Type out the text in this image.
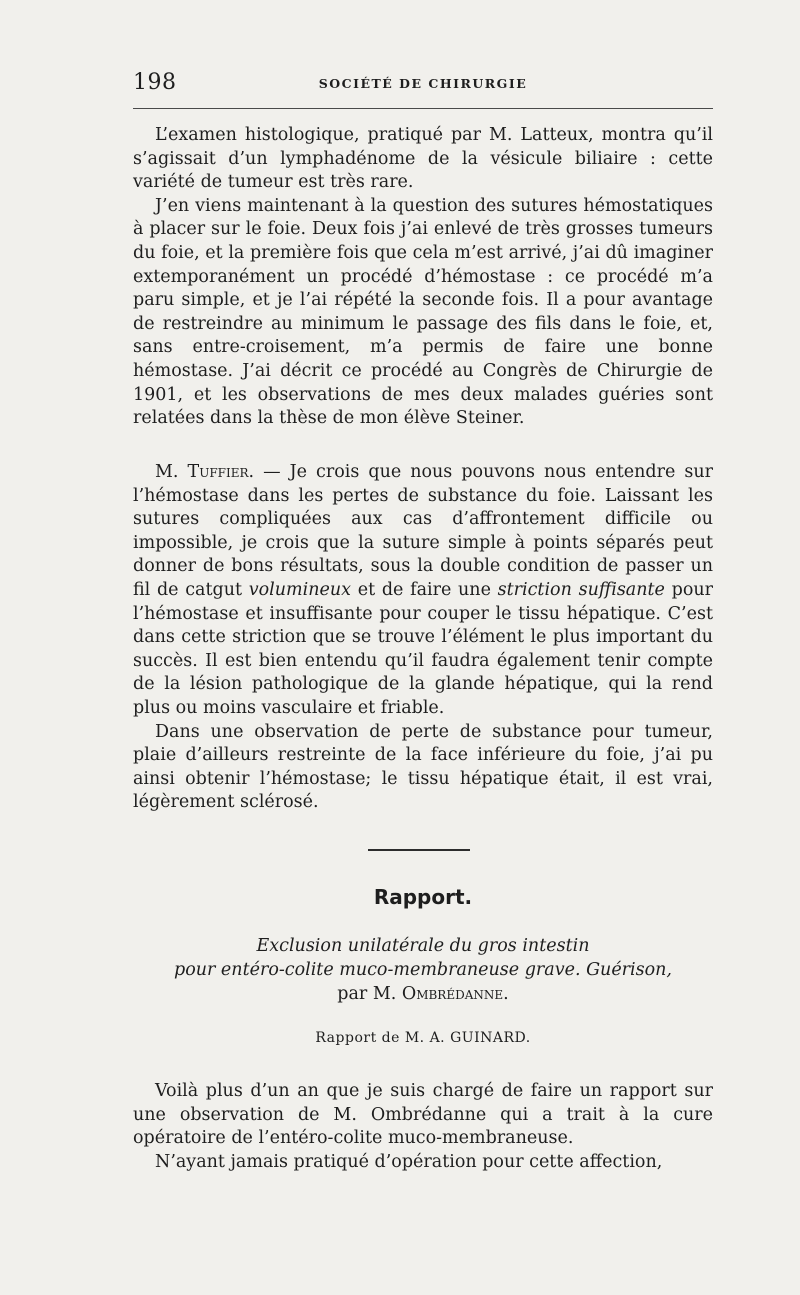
198	SOCIÉTÉ DE CHIRURGIE

L’examen histologique, pratiqué par M. Latteux, montra qu’il s’agissait d’un lymphadénome de la vésicule biliaire : cette variété de tumeur est très rare.

J’en viens maintenant à la question des sutures hémostatiques à placer sur le foie. Deux fois j’ai enlevé de très grosses tumeurs du foie, et la première fois que cela m’est arrivé, j’ai dû imaginer extemporanément un procédé d’hémostase : ce procédé m’a paru simple, et je l’ai répété la seconde fois. Il a pour avantage de restreindre au minimum le passage des fils dans le foie, et, sans entre-croisement, m’a permis de faire une bonne hémostase. J’ai décrit ce procédé au Congrès de Chirurgie de 1901, et les observations de mes deux malades guéries sont relatées dans la thèse de mon élève Steiner.

M. Tuffier. — Je crois que nous pouvons nous entendre sur l’hémostase dans les pertes de substance du foie. Laissant les sutures compliquées aux cas d’affrontement difficile ou impossible, je crois que la suture simple à points séparés peut donner de bons résultats, sous la double condition de passer un fil de catgut volumineux et de faire une striction suffisante pour l’hémostase et insuffisante pour couper le tissu hépatique. C’est dans cette striction que se trouve l’élément le plus important du succès. Il est bien entendu qu’il faudra également tenir compte de la lésion pathologique de la glande hépatique, qui la rend plus ou moins vasculaire et friable.

Dans une observation de perte de substance pour tumeur, plaie d’ailleurs restreinte de la face inférieure du foie, j’ai pu ainsi obtenir l’hémostase; le tissu hépatique était, il est vrai, légèrement sclérosé.

Rapport.
Exclusion unilatérale du gros intestin
pour entéro-colite muco-membraneuse grave. Guérison,
par M. Ombrédanne.
Rapport de M. A. GUINARD.

Voilà plus d’un an que je suis chargé de faire un rapport sur une observation de M. Ombrédanne qui a trait à la cure opératoire de l’entéro-colite muco-membraneuse.

N’ayant jamais pratiqué d’opération pour cette affection,
